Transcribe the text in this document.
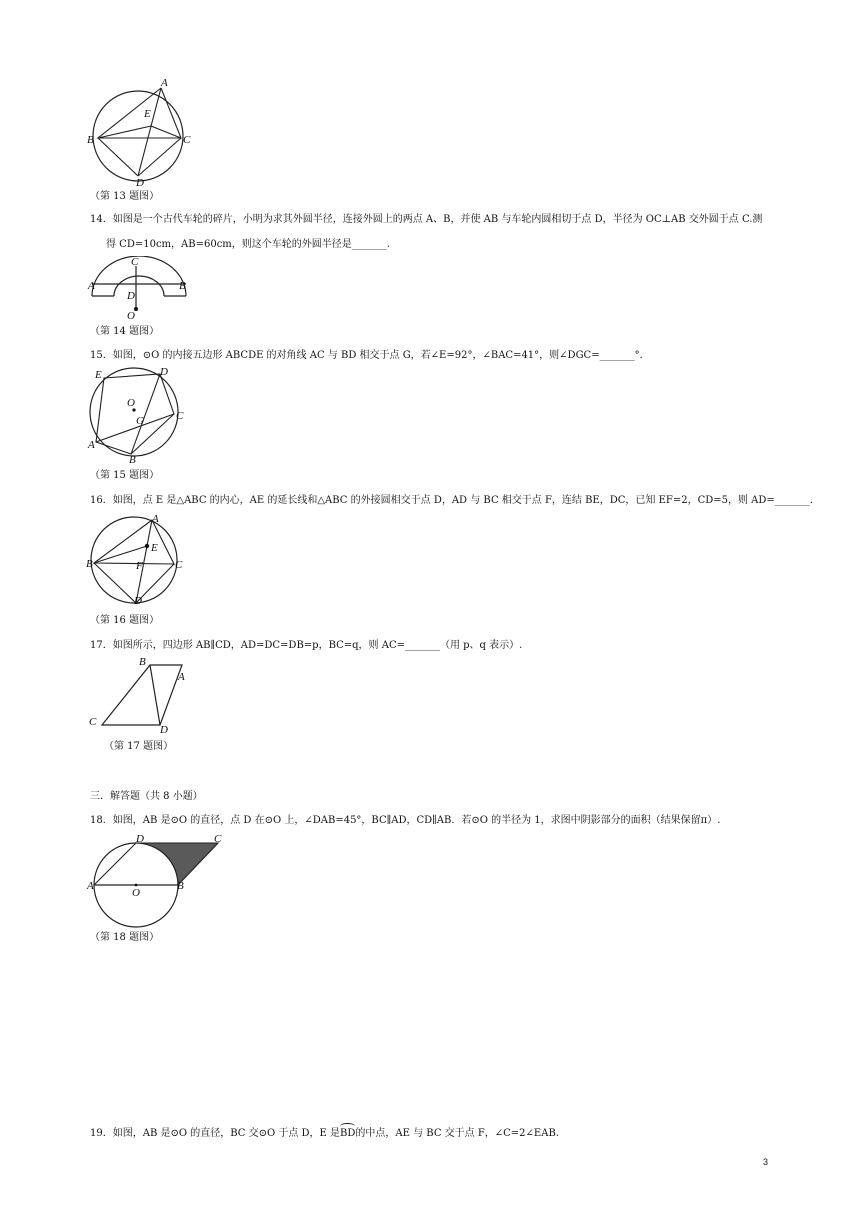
A
B	C
D
E
（第 13 题图）
14．如图是一个古代车轮的碎片，小明为求其外圆半径，连接外圆上的两点 A、B，并使 AB 与车轮内圆相切于点 D，半径为 OC⊥AB 交外圆于点 C.测
得 CD=10cm，AB=60cm，则这个车轮的外圆半径是_______.
C
A	B
D
O
（第 14 题图）
15．如图，⊙O 的内接五边形 ABCDE 的对角线 AC 与 BD 相交于点 G，若∠E=92°，∠BAC=41°，则∠DGC=_______°．
E	D
C
B
A
O
G
（第 15 题图）
16．如图，点 E 是△ABC 的内心，AE 的延长线和△ABC 的外接圆相交于点 D，AD 与 BC 相交于点 F，连结 BE，DC，已知 EF=2，CD=5，则 AD=_______.
A
B	C
D
E
F
（第 16 题图）
17．如图所示，四边形 AB∥CD，AD=DC=DB=p，BC=q，则 AC=_______（用 p、q 表示）.
B
A
C
D
（第 17 题图）
三．解答题（共 8 小题）
18．如图，AB 是⊙O 的直径，点 D 在⊙O 上，∠DAB=45°，BC∥AD，CD∥AB．若⊙O 的半径为 1，求图中阴影部分的面积（结果保留π）.
D	C
A	B
O
（第 18 题图）
19．如图，AB 是⊙O 的直径，BC 交⊙O 于点 D，E 是BD的中点，AE 与 BC 交于点 F，∠C=2∠EAB.
3
